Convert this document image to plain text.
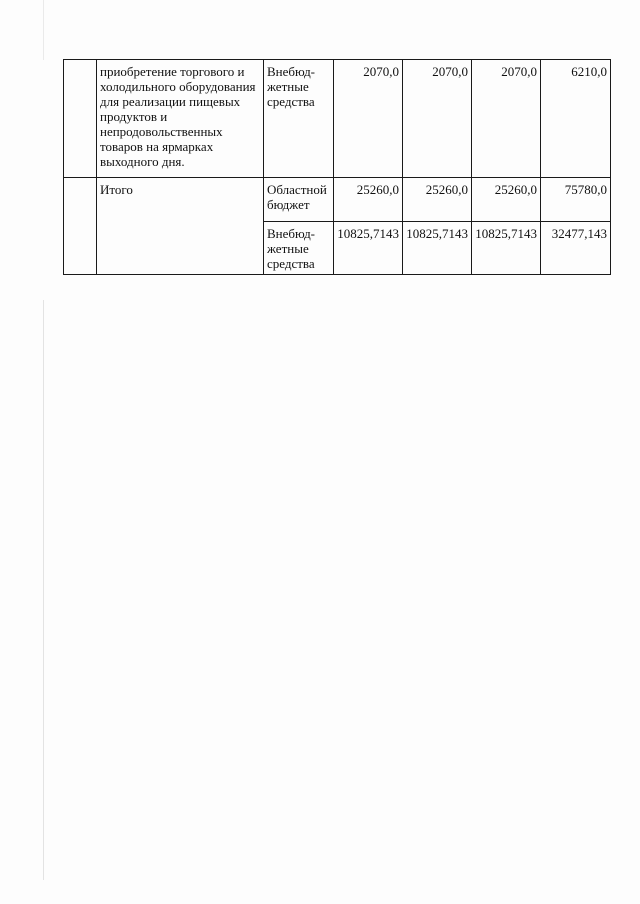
	приобретение торгового и холодильного оборудования для реализации пищевых продуктов и непродовольственных товаров на ярмарках выходного дня.	Внебюд-жетные средства	2070,0	2070,0	2070,0	6210,0
	Итого	Областной бюджет	25260,0	25260,0	25260,0	75780,0
		Внебюд-жетные средства	10825,7143	10825,7143	10825,7143	32477,143
